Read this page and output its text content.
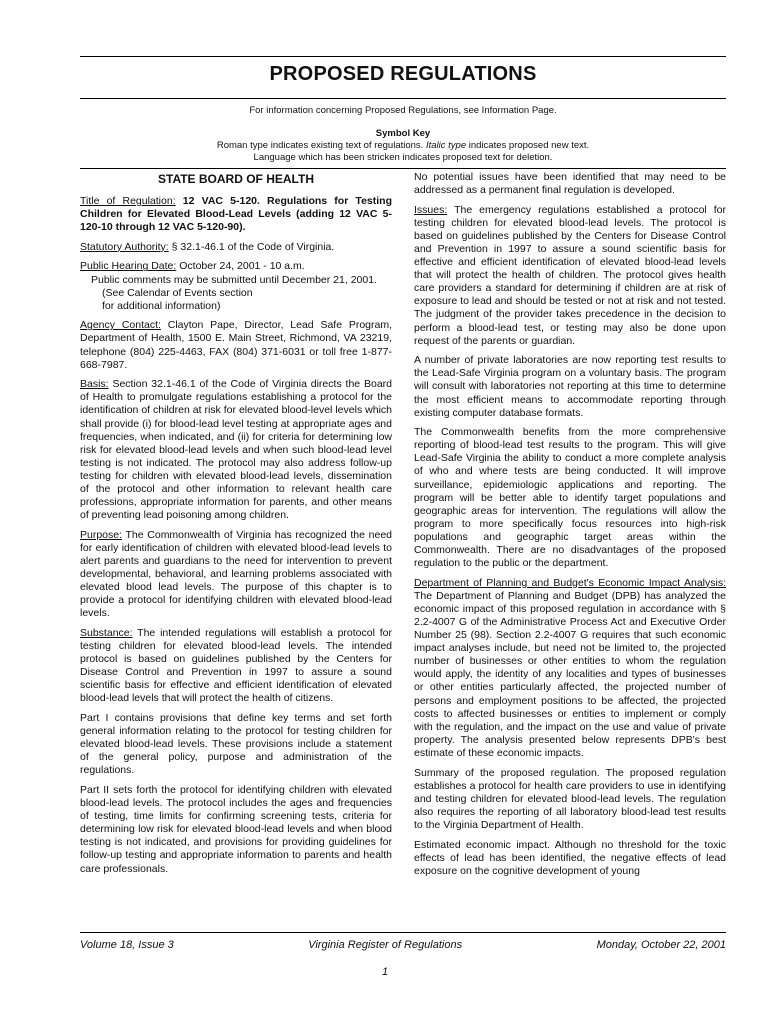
PROPOSED REGULATIONS
For information concerning Proposed Regulations, see Information Page.
Symbol Key
Roman type indicates existing text of regulations. Italic type indicates proposed new text.
Language which has been stricken indicates proposed text for deletion.
STATE BOARD OF HEALTH

Title of Regulation: 12 VAC 5-120. Regulations for Testing Children for Elevated Blood-Lead Levels (adding 12 VAC 5-120-10 through 12 VAC 5-120-90).

Statutory Authority: § 32.1-46.1 of the Code of Virginia.

Public Hearing Date: October 24, 2001 - 10 a.m.

Public comments may be submitted until December 21, 2001.

(See Calendar of Events section

for additional information)

Agency Contact: Clayton Pape, Director, Lead Safe Program, Department of Health, 1500 E. Main Street, Richmond, VA 23219, telephone (804) 225-4463, FAX (804) 371-6031 or toll free 1-877-668-7987.

Basis: Section 32.1-46.1 of the Code of Virginia directs the Board of Health to promulgate regulations establishing a protocol for the identification of children at risk for elevated blood-level levels which shall provide (i) for blood-lead level testing at appropriate ages and frequencies, when indicated, and (ii) for criteria for determining low risk for elevated blood-lead levels and when such blood-lead level testing is not indicated. The protocol may also address follow-up testing for children with elevated blood-lead levels, dissemination of the protocol and other information to relevant health care professions, appropriate information for parents, and other means of preventing lead poisoning among children.

Purpose: The Commonwealth of Virginia has recognized the need for early identification of children with elevated blood-lead levels to alert parents and guardians to the need for intervention to prevent developmental, behavioral, and learning problems associated with elevated blood lead levels. The purpose of this chapter is to provide a protocol for identifying children with elevated blood-lead levels.

Substance: The intended regulations will establish a protocol for testing children for elevated blood-lead levels. The intended protocol is based on guidelines published by the Centers for Disease Control and Prevention in 1997 to assure a sound scientific basis for effective and efficient identification of elevated blood-lead levels that will protect the health of citizens.

Part I contains provisions that define key terms and set forth general information relating to the protocol for testing children for elevated blood-lead levels. These provisions include a statement of the general policy, purpose and administration of the regulations.

Part II sets forth the protocol for identifying children with elevated blood-lead levels. The protocol includes the ages and frequencies of testing, time limits for confirming screening tests, criteria for determining low risk for elevated blood-lead levels and when blood testing is not indicated, and provisions for providing guidelines for follow-up testing and appropriate information to parents and health care professionals.

No potential issues have been identified that may need to be addressed as a permanent final regulation is developed.

Issues: The emergency regulations established a protocol for testing children for elevated blood-lead levels. The protocol is based on guidelines published by the Centers for Disease Control and Prevention in 1997 to assure a sound scientific basis for effective and efficient identification of elevated blood-lead levels that will protect the health of children. The protocol gives health care providers a standard for determining if children are at risk of exposure to lead and should be tested or not at risk and not tested. The judgment of the provider takes precedence in the decision to perform a blood-lead test, or testing may also be done upon request of the parents or guardian.

A number of private laboratories are now reporting test results to the Lead-Safe Virginia program on a voluntary basis. The program will consult with laboratories not reporting at this time to determine the most efficient means to accommodate reporting through existing computer database formats.

The Commonwealth benefits from the more comprehensive reporting of blood-lead test results to the program. This will give Lead-Safe Virginia the ability to conduct a more complete analysis of who and where tests are being conducted. It will improve surveillance, epidemiologic applications and reporting. The program will be better able to identify target populations and geographic areas for intervention. The regulations will allow the program to more specifically focus resources into high-risk populations and geographic target areas within the Commonwealth. There are no disadvantages of the proposed regulation to the public or the department.

Department of Planning and Budget's Economic Impact Analysis: The Department of Planning and Budget (DPB) has analyzed the economic impact of this proposed regulation in accordance with § 2.2-4007 G of the Administrative Process Act and Executive Order Number 25 (98). Section 2.2-4007 G requires that such economic impact analyses include, but need not be limited to, the projected number of businesses or other entities to whom the regulation would apply, the identity of any localities and types of businesses or other entities particularly affected, the projected number of persons and employment positions to be affected, the projected costs to affected businesses or entities to implement or comply with the regulation, and the impact on the use and value of private property. The analysis presented below represents DPB's best estimate of these economic impacts.

Summary of the proposed regulation. The proposed regulation establishes a protocol for health care providers to use in identifying and testing children for elevated blood-lead levels. The regulation also requires the reporting of all laboratory blood-lead test results to the Virginia Department of Health.

Estimated economic impact. Although no threshold for the toxic effects of lead has been identified, the negative effects of lead exposure on the cognitive development of young

Volume 18, Issue 3	Virginia Register of Regulations	Monday, October 22, 2001
1
